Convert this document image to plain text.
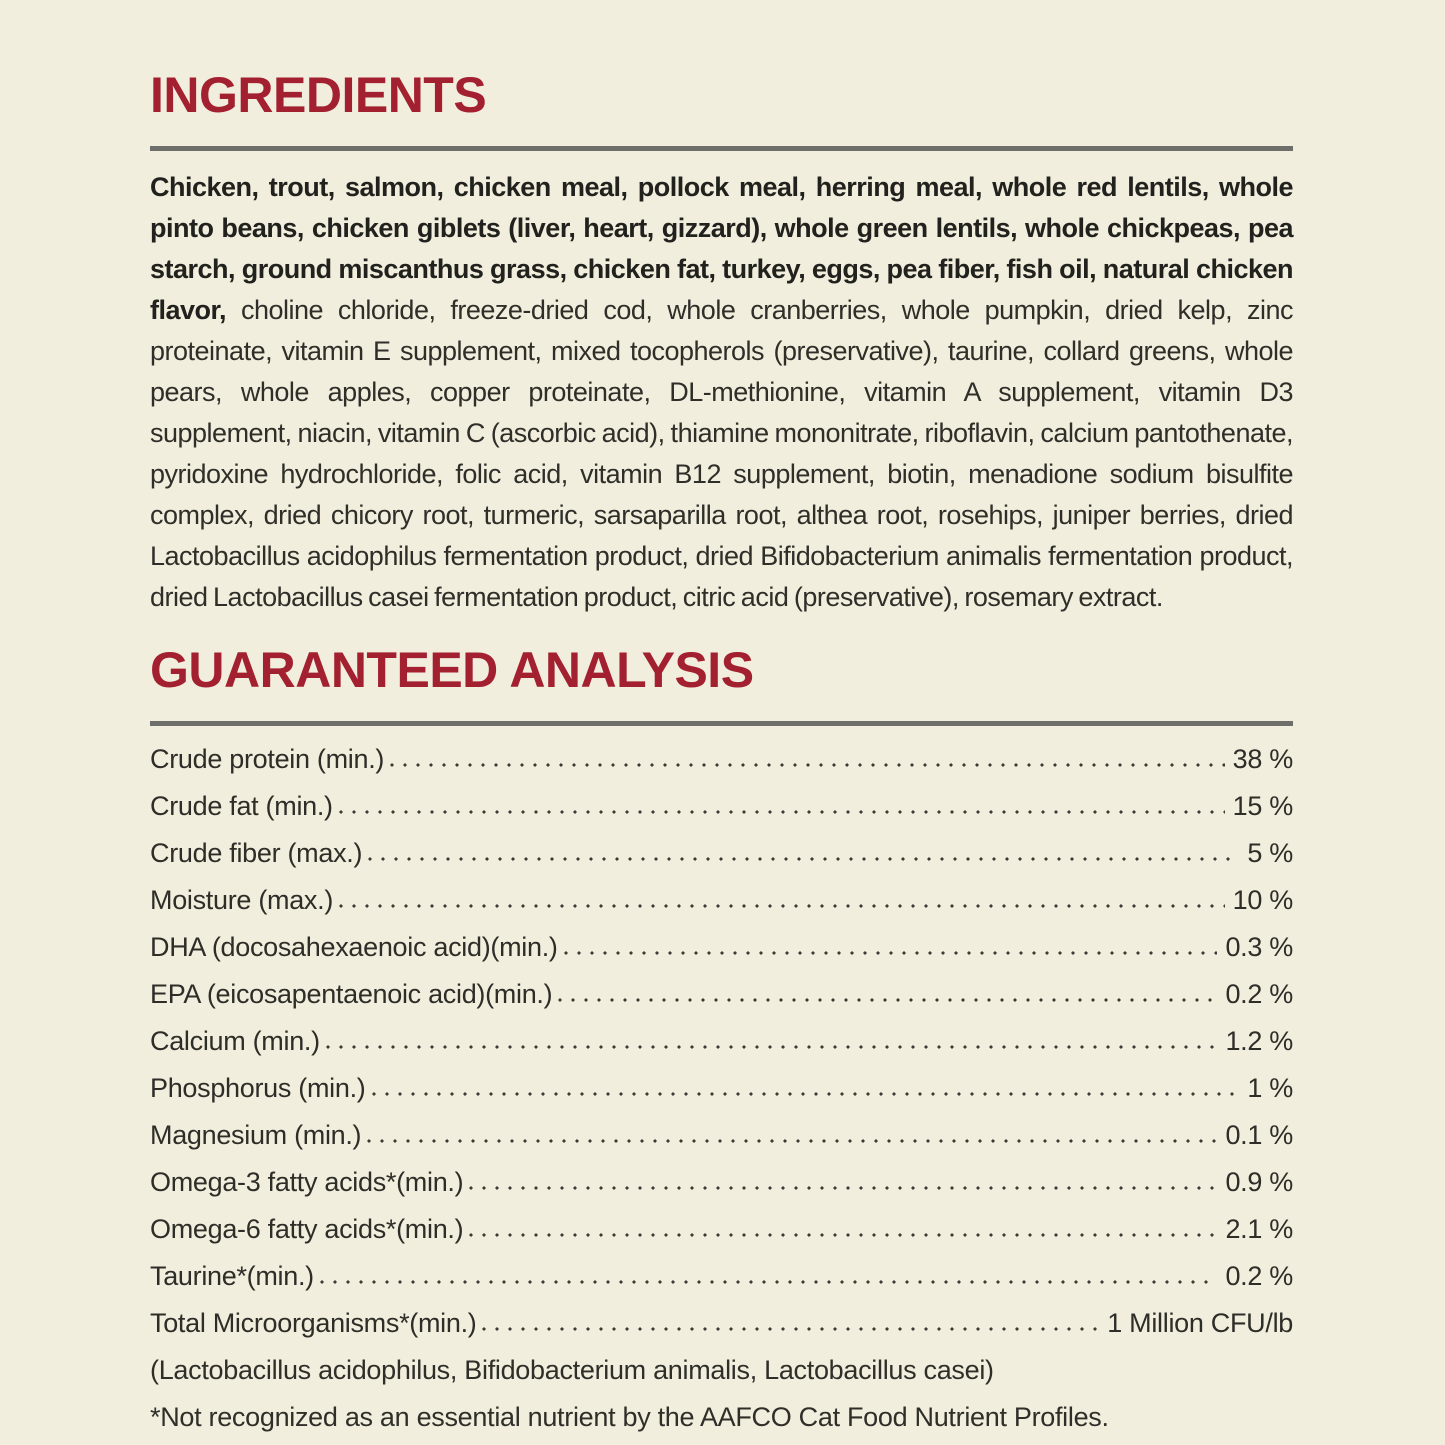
INGREDIENTS

Chicken, trout, salmon, chicken meal, pollock meal, herring meal, whole red lentils, whole pinto beans, chicken giblets (liver, heart, gizzard), whole green lentils, whole chickpeas, pea starch, ground miscanthus grass, chicken fat, turkey, eggs, pea fiber, fish oil, natural chicken flavor, choline chloride, freeze-dried cod, whole cranberries, whole pumpkin, dried kelp, zinc proteinate, vitamin E supplement, mixed tocopherols (preservative), taurine, collard greens, whole pears, whole apples, copper proteinate, DL-methionine, vitamin A supplement, vitamin D3 supplement, niacin, vitamin C (ascorbic acid), thiamine mononitrate, riboflavin, calcium pantothenate, pyridoxine hydrochloride, folic acid, vitamin B12 supplement, biotin, menadione sodium bisulfite complex, dried chicory root, turmeric, sarsaparilla root, althea root, rosehips, juniper berries, dried Lactobacillus acidophilus fermentation product, dried Bifidobacterium animalis fermentation product, dried Lactobacillus casei fermentation product, citric acid (preservative), rosemary extract.

GUARANTEED ANALYSIS
Crude protein (min.)	38 %
Crude fat (min.)	15 %
Crude fiber (max.)	5 %
Moisture (max.)	10 %
DHA (docosahexaenoic acid)(min.)	0.3 %
EPA (eicosapentaenoic acid)(min.)	0.2 %
Calcium (min.)	1.2 %
Phosphorus (min.)	1 %
Magnesium (min.)	0.1 %
Omega-3 fatty acids*(min.)	0.9 %
Omega-6 fatty acids*(min.)	2.1 %
Taurine*(min.)	0.2 %
Total Microorganisms*(min.)	1 Million CFU/lb
(Lactobacillus acidophilus, Bifidobacterium animalis, Lactobacillus casei)
*Not recognized as an essential nutrient by the AAFCO Cat Food Nutrient Profiles.
